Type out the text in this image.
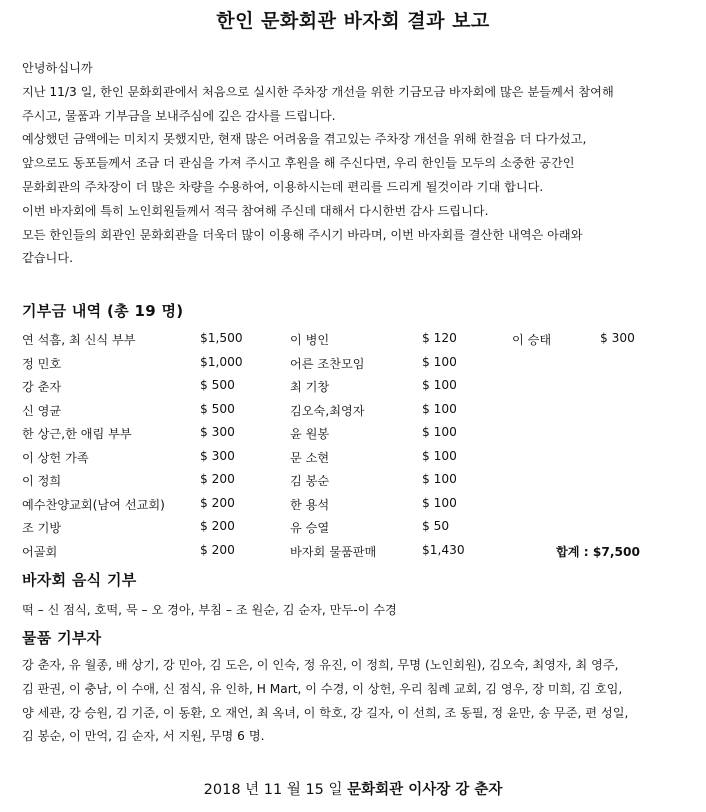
한인 문화회관 바자회 결과 보고

안녕하십니까

지난 11/3 일, 한인 문화회관에서 처음으로 실시한 주차장 개선을 위한 기금모금 바자회에 많은 분들께서 참여해

주시고, 물품과 기부금을 보내주심에 깊은 감사를 드립니다.

예상했던 금액에는 미치지 못했지만, 현재 많은 어려움을 겪고있는 주차장 개선을 위해 한걸음 더 다가섰고,

앞으로도 동포들께서 조금 더 관심을 가져 주시고 후원을 해 주신다면, 우리 한인들 모두의 소중한 공간인

문화회관의 주차장이 더 많은 차량을 수용하여, 이용하시는데 편리를 드리게 될것이라 기대 합니다.

이번 바자회에 특히 노인회원들께서 적극 참여해 주신데 대해서 다시한번 감사 드립니다.

모든 한인들의 회관인 문화회관을 더욱더 많이 이용해 주시기 바라며, 이번 바자회를 결산한 내역은 아래와

같습니다.

기부금 내역 (총 19 명)
연 석흠, 최 신식 부부	$1,500	이 병인	$ 120	이 승태	$ 300
정 민호	$1,000	어른 조찬모임	$ 100
강 춘자	$ 500	최 기창	$ 100
신 영균	$ 500	김오숙,최영자	$ 100
한 상근,한 애림 부부	$ 300	윤 원봉	$ 100
이 상헌 가족	$ 300	문 소현	$ 100
이 정희	$ 200	김 봉순	$ 100
예수찬양교회(남여 선교회)	$ 200	한 용석	$ 100
조 기방	$ 200	유 승열	$ 50
어골회	$ 200	바자회 물품판매	$1,430	합계 : $7,500
바자회 음식 기부
떡 – 신 점식, 호떡, 묵 – 오 경아, 부침 – 조 원순, 김 순자, 만두-이 수경
물품 기부자

강 춘자, 유 월종, 배 상기, 강 민아, 김 도은, 이 인숙, 정 유진, 이 정희, 무명 (노인회원), 김오숙, 최영자, 최 영주,

김 판권, 이 충남, 이 수애, 신 점식, 유 인하, H Mart, 이 수경, 이 상헌, 우리 침례 교회, 김 영우, 장 미희, 김 호임,

양 세관, 강 승원, 김 기준, 이 동환, 오 재언, 최 옥녀, 이 학호, 강 길자, 이 선희, 조 동필, 정 윤만, 송 무준, 편 성일,

김 봉순, 이 만억, 김 순자, 서 지원, 무명 6 명.

2018 년 11 월 15 일 문화회관 이사장 강 춘자
